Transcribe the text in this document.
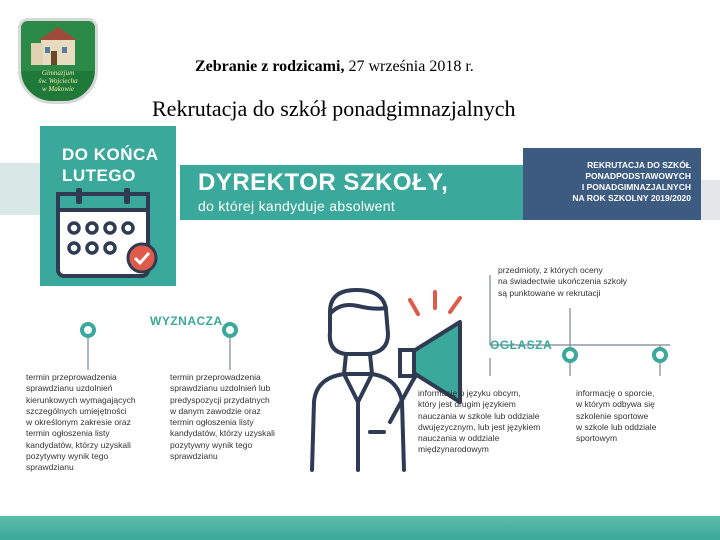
Gimnazjum
św. Wojciecha
w Makowie
Zebranie z rodzicami, 27 września 2018 r.
Rekrutacja do szkół ponadgimnazjalnych
DO KOŃCA
LUTEGO	DYREKTOR SZKOŁY,
do której kandyduje absolwent
REKRUTACJA DO SZKÓŁ
PONADPODSTAWOWYCH
I PONADGIMNAZJALNYCH
NA ROK SZKOLNY 2019/2020
WYZNACZA
OGŁASZA
przedmioty, z których oceny
na świadectwie ukończenia szkoły
są punktowane w rekrutacji
termin przeprowadzenia
sprawdzianu uzdolnień
kierunkowych wymagających
szczególnych umiejętności
w określonym zakresie oraz
termin ogłoszenia listy
kandydatów, którzy uzyskali
pozytywny wynik tego
sprawdzianu
termin przeprowadzenia
sprawdzianu uzdolnień lub
predyspozycji przydatnych
w danym zawodzie oraz
termin ogłoszenia listy
kandydatów, którzy uzyskali
pozytywny wynik tego
sprawdzianu
informację o języku obcym,
który jest drugim językiem
nauczania w szkole lub oddziale
dwujęzycznym, lub jest językiem
nauczania w oddziale
międzynarodowym
informację o sporcie,
w którym odbywa się
szkolenie sportowe
w szkole lub oddziale
sportowym
